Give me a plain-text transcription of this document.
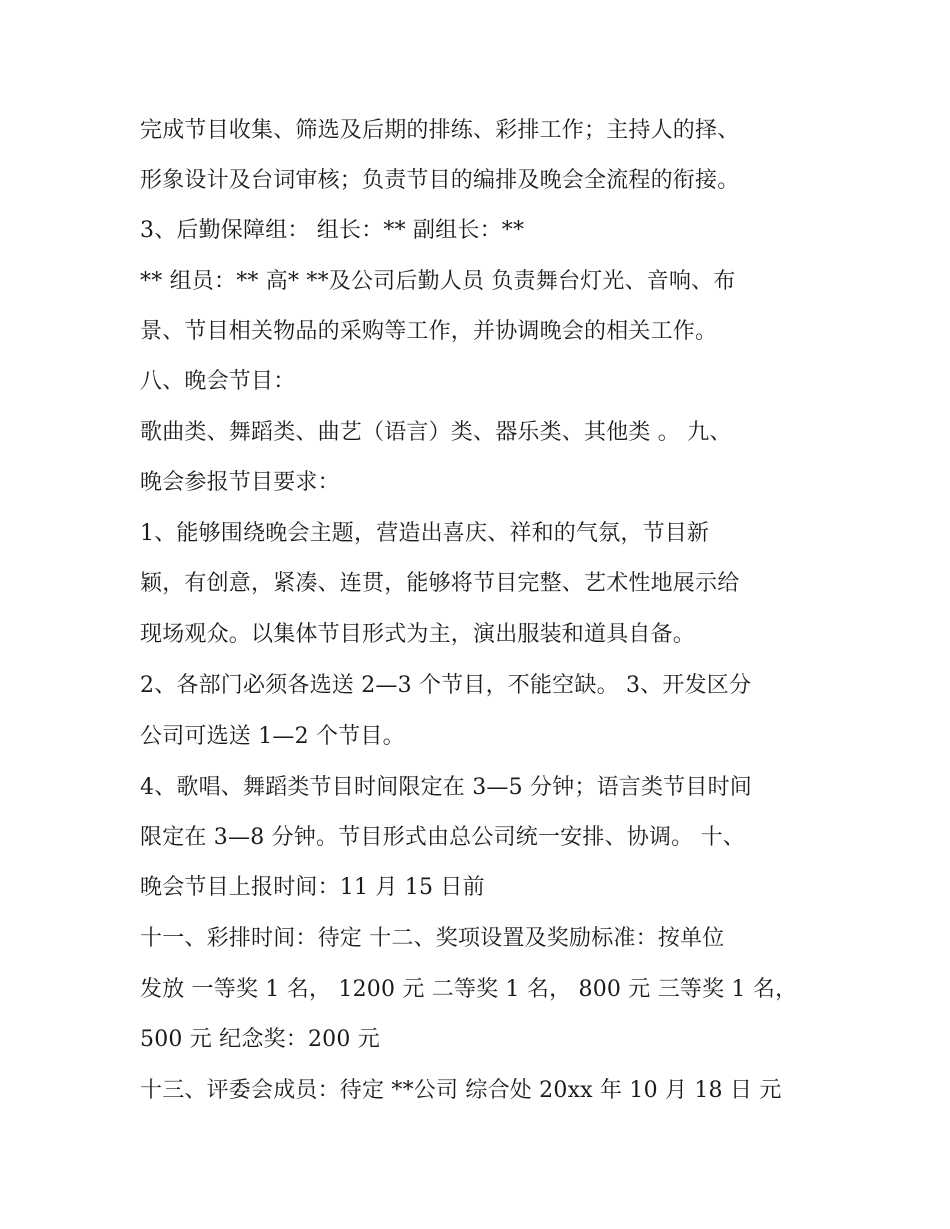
完成节目收集、筛选及后期的排练、彩排工作；主持人的择、
形象设计及台词审核；负责节目的编排及晚会全流程的衔接。
3、后勤保障组： 组长：** 副组长：**
** 组员：** 高* **及公司后勤人员 负责舞台灯光、音响、布
景、节目相关物品的采购等工作，并协调晚会的相关工作。
八、晚会节目：
歌曲类、舞蹈类、曲艺（语言）类、器乐类、其他类 。 九、
晚会参报节目要求：
1、能够围绕晚会主题，营造出喜庆、祥和的气氛，节目新
颖，有创意，紧凑、连贯，能够将节目完整、艺术性地展示给
现场观众。以集体节目形式为主，演出服装和道具自备。
2、各部门必须各选送 2—3 个节目，不能空缺。 3、开发区分
公司可选送 1—2 个节目。
4、歌唱、舞蹈类节目时间限定在 3—5 分钟；语言类节目时间
限定在 3—8 分钟。节目形式由总公司统一安排、协调。 十、
晚会节目上报时间：11 月 15 日前
十一、彩排时间：待定 十二、奖项设置及奖励标准：按单位
发放 一等奖 1 名， 1200 元 二等奖 1 名， 800 元 三等奖 1 名，
500 元 纪念奖：200 元
十三、评委会成员：待定 **公司 综合处 20xx 年 10 月 18 日 元
